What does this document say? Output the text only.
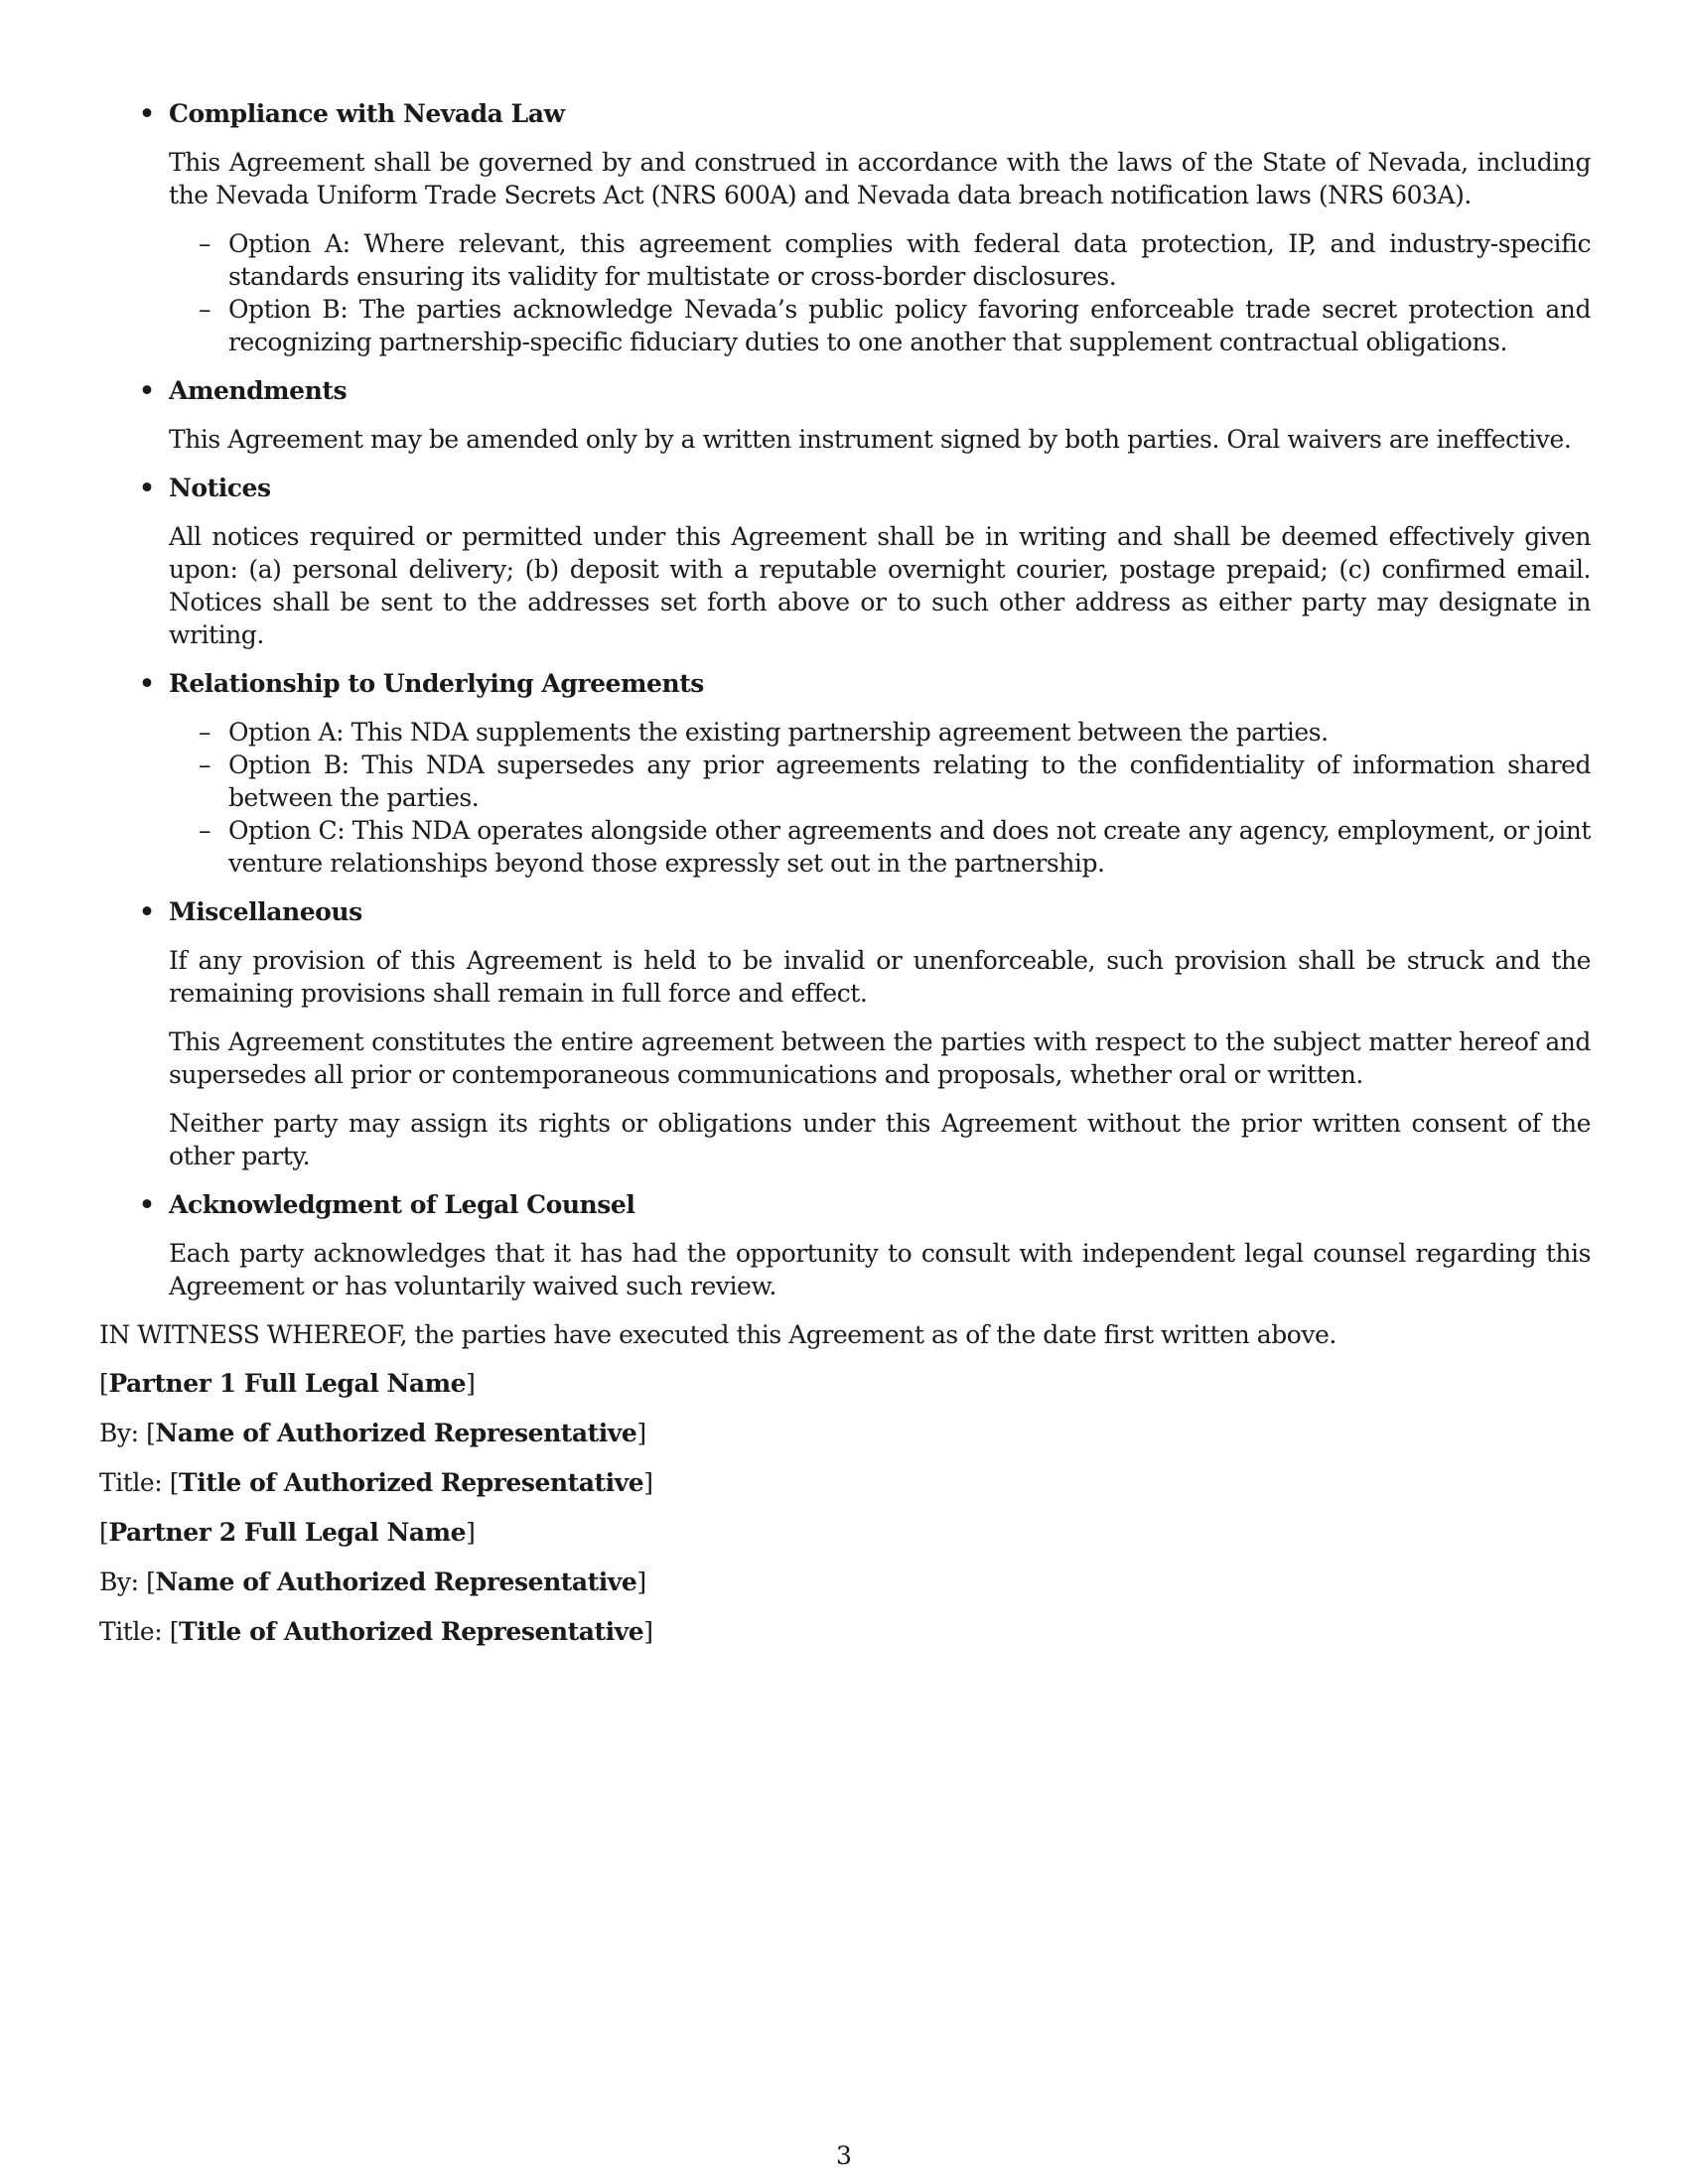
• Compliance with Nevada Law

This Agreement shall be governed by and construed in accordance with the laws of the State of Nevada, including the Nevada Uniform Trade Secrets Act (NRS 600A) and Nevada data breach notification laws (NRS 603A).

– Option A: Where relevant, this agreement complies with federal data protection, IP, and industry-specific standards ensuring its validity for multistate or cross-border disclosures.
– Option B: The parties acknowledge Nevada’s public policy favoring enforceable trade secret protection and recognizing partnership-specific fiduciary duties to one another that supplement contractual obligations.
• Amendments

This Agreement may be amended only by a written instrument signed by both parties. Oral waivers are ineffective.

• Notices

All notices required or permitted under this Agreement shall be in writing and shall be deemed effectively given upon: (a) personal delivery; (b) deposit with a reputable overnight courier, postage prepaid; (c) confirmed email. Notices shall be sent to the addresses set forth above or to such other address as either party may designate in writing.

• Relationship to Underlying Agreements
– Option A: This NDA supplements the existing partnership agreement between the parties.
– Option B: This NDA supersedes any prior agreements relating to the confidentiality of information shared between the parties.
– Option C: This NDA operates alongside other agreements and does not create any agency, employment, or joint venture relationships beyond those expressly set out in the partnership.
• Miscellaneous

If any provision of this Agreement is held to be invalid or unenforceable, such provision shall be struck and the remaining provisions shall remain in full force and effect.

This Agreement constitutes the entire agreement between the parties with respect to the subject matter hereof and supersedes all prior or contemporaneous communications and proposals, whether oral or written.

Neither party may assign its rights or obligations under this Agreement without the prior written consent of the other party.

• Acknowledgment of Legal Counsel

Each party acknowledges that it has had the opportunity to consult with independent legal counsel regarding this Agreement or has voluntarily waived such review.

IN WITNESS WHEREOF, the parties have executed this Agreement as of the date first written above.

[Partner 1 Full Legal Name]

By: [Name of Authorized Representative]

Title: [Title of Authorized Representative]

[Partner 2 Full Legal Name]

By: [Name of Authorized Representative]

Title: [Title of Authorized Representative]

3
